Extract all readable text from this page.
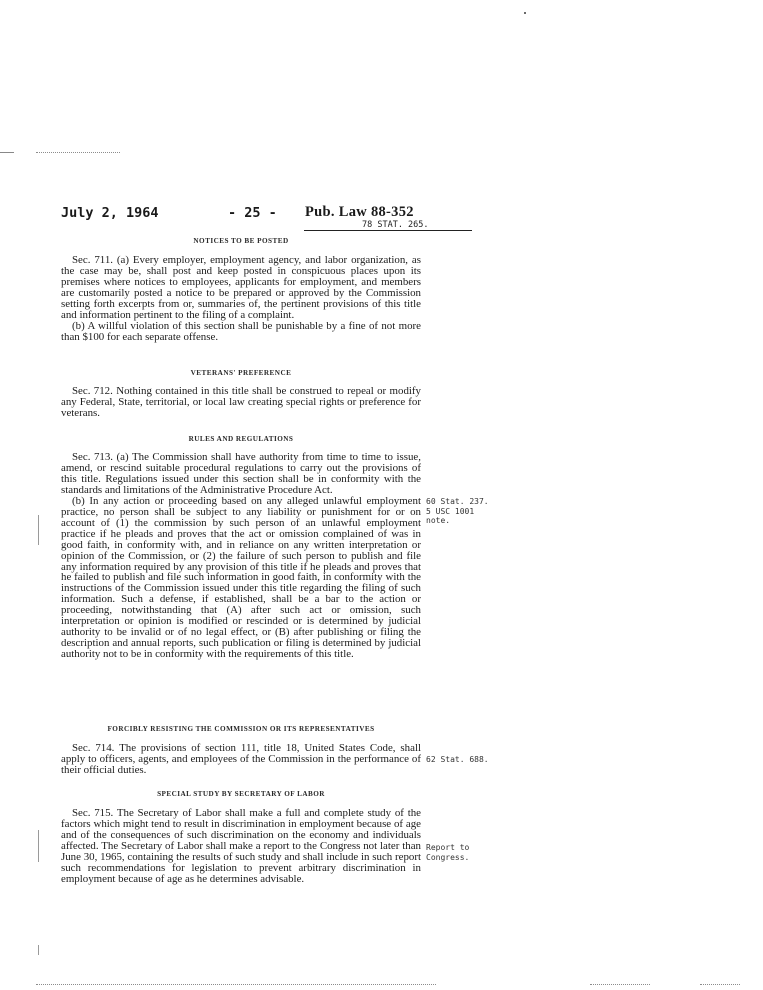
July 2, 1964	- 25 - Pub. Law 88-352
78 STAT. 265.
NOTICES TO BE POSTED

Sec. 711. (a) Every employer, employment agency, and labor organization, as the case may be, shall post and keep posted in conspicuous places upon its premises where notices to employees, applicants for employment, and members are customarily posted a notice to be prepared or approved by the Commission setting forth excerpts from or, summaries of, the pertinent provisions of this title and information pertinent to the filing of a complaint.

(b) A willful violation of this section shall be punishable by a fine of not more than $100 for each separate offense.

VETERANS' PREFERENCE

Sec. 712. Nothing contained in this title shall be construed to repeal or modify any Federal, State, territorial, or local law creating special rights or preference for veterans.

RULES AND REGULATIONS

Sec. 713. (a) The Commission shall have authority from time to time to issue, amend, or rescind suitable procedural regulations to carry out the provisions of this title. Regulations issued under this section shall be in conformity with the standards and limitations of the Administrative Procedure Act.

(b) In any action or proceeding based on any alleged unlawful employment practice, no person shall be subject to any liability or punishment for or on account of (1) the commission by such person of an unlawful employment practice if he pleads and proves that the act or omission complained of was in good faith, in conformity with, and in reliance on any written interpretation or opinion of the Commission, or (2) the failure of such person to publish and file any information required by any provision of this title if he pleads and proves that he failed to publish and file such information in good faith, in conformity with the instructions of the Commission issued under this title regarding the filing of such information. Such a defense, if established, shall be a bar to the action or proceeding, notwithstanding that (A) after such act or omission, such interpretation or opinion is modified or rescinded or is determined by judicial authority to be invalid or of no legal effect, or (B) after publishing or filing the description and annual reports, such publication or filing is determined by judicial authority not to be in conformity with the requirements of this title.

FORCIBLY RESISTING THE COMMISSION OR ITS REPRESENTATIVES

Sec. 714. The provisions of section 111, title 18, United States Code, shall apply to officers, agents, and employees of the Commission in the performance of their official duties.

SPECIAL STUDY BY SECRETARY OF LABOR

Sec. 715. The Secretary of Labor shall make a full and complete study of the factors which might tend to result in discrimination in employment because of age and of the consequences of such discrimination on the economy and individuals affected. The Secretary of Labor shall make a report to the Congress not later than June 30, 1965, containing the results of such study and shall include in such report such recommendations for legislation to prevent arbitrary discrimination in employment because of age as he determines advisable.

60 Stat. 237.
5 USC 1001
note.
62 Stat. 688.
Report to
Congress.
